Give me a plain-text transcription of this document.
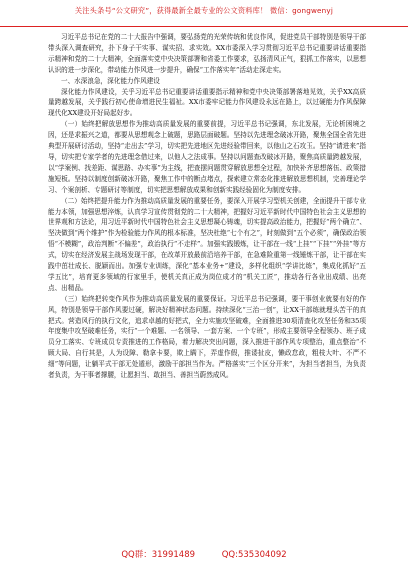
关注头条号“公文研究”，获得最新全最专业的公文资料库！ 微信：gongwenyj

习近平总书记在党的二十大报告中强调，要弘扬党的光荣传统和优良作风，促进党员干部特别是领导干部带头深入调查研究，扑下身子干实事、谋实招、求实效。XX市委深入学习贯彻习近平总书记重要讲话重要指示精神和党的二十大精神，全面落实党中央决策部署和省委工作要求，弘扬清风正气，狠抓工作落实，以思想认识的进一步深化，带动能力作风进一步提升，确保“工作落实年”活动走深走实。

一、水深浪急，深化能力作风建设

深化能力作风建设，关乎习近平总书记重要讲话重要指示精神和党中央决策部署落地见效，关乎XX高质量跨越发展，关乎践行初心使命增进民生福祉。XX市委牢记能力作风建设永远在路上，以过硬能力作风保障现代化XX建设开好局起好步。

（一）始终把解放思想作为推动高质量发展的重要前提，习近平总书记强调，东北发展，无论析困境之因，还是求振兴之道，都要从思想观念上破题，思路层面破题。坚持以先进理念破冰开路，聚焦全国全省先进典型开展研讨活动，坚持“走出去”学习，切实把先进地区先进经验带回来，以他山之石攻玉。坚持“请进来”指导，切实把专家学者的先进理念借过来，以他人之法成事。坚持以问题查改破冰开路，聚焦高质量跨越发展，以“学案例、找差距、谋思路、办实事”为主线，把查摆问题贯穿解放思想全过程，加快补齐思想落伍、政策措施短板。坚持以制度创新破冰开路，聚焦工作中的断点堵点，探索建立常态化推进解放思想机制，完善理论学习、个案剖析、专题研讨等制度，切实把思想解放成果和创新实践经验固化为制度安排。

（二）始终把提升能力作为推动高质量发展的重要任务，要深入开展学习型机关创建，全面提升干部专业能力本领，加强思想淬炼，认真学习宣传贯彻党的二十大精神，把握好习近平新时代中国特色社会主义思想的世界观和方法论，用习近平新时代中国特色社会主义思想凝心铸魂，切实提高政治能力，把握好“两个确立”、坚决做到“两个维护”作为检验能力作风的根本标准，坚决杜绝“七个有之”，时刻做到“五个必须”，确保政治领悟“不模糊”，政治判断“不偏差”，政治执行“不走样”。加强实践锻炼，让干部在一线“上挂”“下挂”“外挂”等方式，切实在经济发展主战场发现干部，在改革开放最前沿培养干部，在急难险重第一线锤炼干部，让干部在实践中茁壮成长、脱颖而出。加强专业训练，深化“基本业务+”建设，多样化组织“学讲比练”，集成化抓好“五学五比”，培育更多领域的行家里手，使机关真正成为岗位成才的“机关工匠”，推动各行各业出成绩、出亮点、出精品。

（三）始终把转变作风作为推动高质量发展的重要保证。习近平总书记强调，要干事创业就要有好的作风，特别是领导干部作风要过硬，解决好精神状态问题。持续深化“三治一创”，让XX干部练就埋头苦干的真把式。营造风行的执行文化，追求卓越的好把式，全力实施攻坚破难，全面推进30项清查化攻坚任务和35项年度集中攻坚破难任务，实行“一个难题、一名领导、一套方案、一个专班”，形成主要领导全程领办、班子成员分工落实、专班成员专责推进的工作格局，着力解决突出问题，深入推进干部作风专项整治，重点整治“不顾大局、自行其是，人为设障、勒拿卡要，欺上瞒下，弄虚作假，推诿扯皮，懒政怠政，粗枝大叶、不严不细”等问题，让躺平式干部无处遁形，激励干部担当作为。严格落实“三个区分开来”，为担当者担当，为负责者负责，为干事者撑腰，让愿担当、敢担当、善担当蔚然成风。

QQ群：31991489	QQ:535304092
